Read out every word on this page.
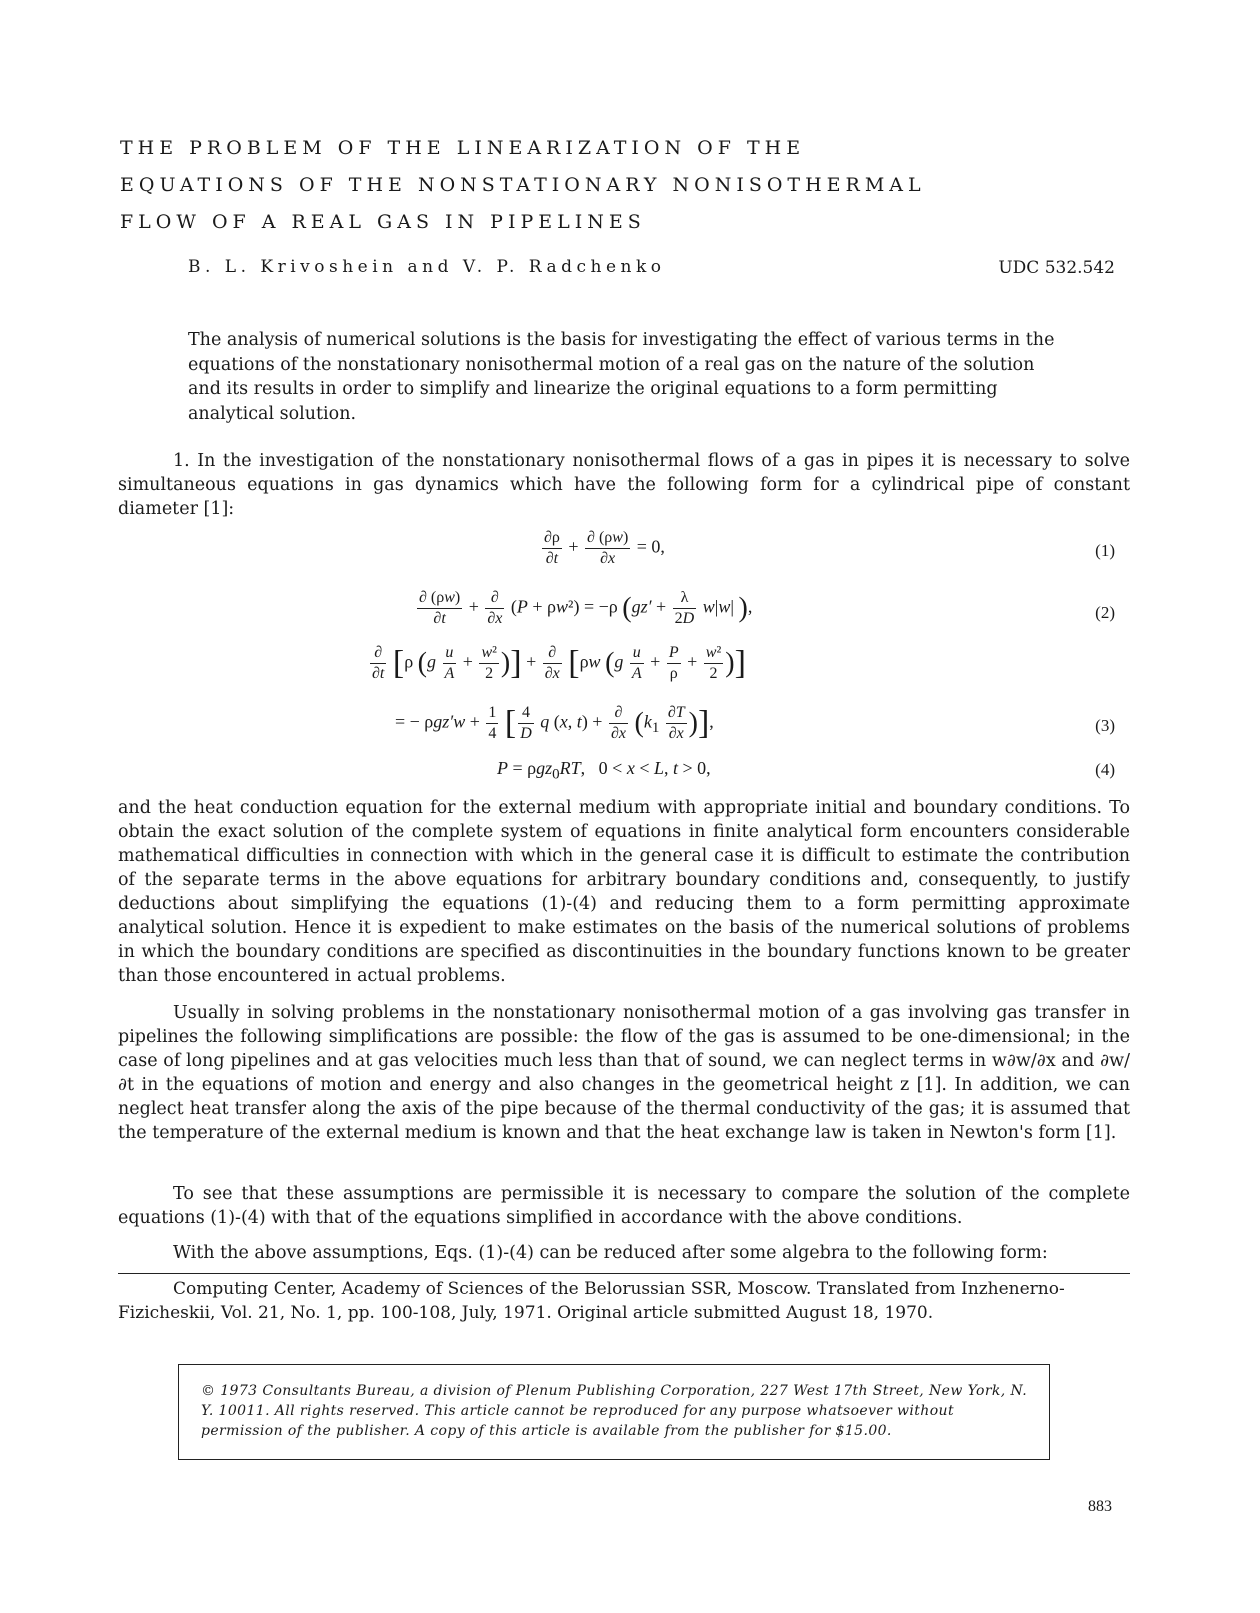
THE PROBLEM OF THE LINEARIZATION OF THE
EQUATIONS OF THE NONSTATIONARY NONISOTHERMAL
FLOW OF A REAL GAS IN PIPELINES
B. L. Krivoshein and V. P. Radchenko	UDC 532.542
The analysis of numerical solutions is the basis for investigating the effect of various terms in the equations of the nonstationary nonisothermal motion of a real gas on the nature of the solution and its results in order to simplify and linearize the original equations to a form permitting analytical solution.
1. In the investigation of the nonstationary nonisothermal flows of a gas in pipes it is necessary to solve simultaneous equations in gas dynamics which have the following form for a cylindrical pipe of constant diameter [1]:
$\frac{\partial\rho}{\partial t} + \frac{\partial (\rho w)}{\partial x} = 0$,	(1)
$\frac{\partial (\rho w)}{\partial t} + \frac{\partial}{\partial x} (P + \rho w^2) = -\rho$ ($gz' + \frac{\lambda}{2D} w|w|$ ),	(2)
$\frac{\partial}{\partial t} [\rho$ ($g \frac{u}{A} + \frac{\text{w²}}{2}$ )] + $\frac{\partial}{\partial x} [\rho w$ ($g \frac{u}{A} + \frac{P}{\rho} + \frac{\text{w²}}{2}$ )]
= − $\rho gz'w + \frac{1}{4}$ [ $\frac{4}{D}$ q (x, $t) + \frac{\partial}{\partial x} (k_1 \frac{\partial T}{\partial x}$ )],	(3)
P = ρgz$_0$RT,   0 < x < L, t > 0,	(4)
and the heat conduction equation for the external medium with appropriate initial and boundary conditions. To obtain the exact solution of the complete system of equations in finite analytical form encounters considerable mathematical difficulties in connection with which in the general case it is difficult to estimate the contribution of the separate terms in the above equations for arbitrary boundary conditions and, consequently, to justify deductions about simplifying the equations (1)-(4) and reducing them to a form permitting approximate analytical solution. Hence it is expedient to make estimates on the basis of the numerical solutions of problems in which the boundary conditions are specified as discontinuities in the boundary functions known to be greater than those encountered in actual problems.
Usually in solving problems in the nonstationary nonisothermal motion of a gas involving gas transfer in pipelines the following simplifications are possible: the flow of the gas is assumed to be one-dimensional; in the case of long pipelines and at gas velocities much less than that of sound, we can neglect terms in w∂w/∂x and ∂w/∂t in the equations of motion and energy and also changes in the geometrical height z [1]. In addition, we can neglect heat transfer along the axis of the pipe because of the thermal conductivity of the gas; it is assumed that the temperature of the external medium is known and that the heat exchange law is taken in Newton's form [1].
To see that these assumptions are permissible it is necessary to compare the solution of the complete equations (1)-(4) with that of the equations simplified in accordance with the above conditions.
With the above assumptions, Eqs. (1)-(4) can be reduced after some algebra to the following form:
Computing Center, Academy of Sciences of the Belorussian SSR, Moscow. Translated from Inzhenerno-Fizicheskii, Vol. 21, No. 1, pp. 100-108, July, 1971. Original article submitted August 18, 1970.
© 1973 Consultants Bureau, a division of Plenum Publishing Corporation, 227 West 17th Street, New York, N. Y. 10011. All rights reserved. This article cannot be reproduced for any purpose whatsoever without permission of the publisher. A copy of this article is available from the publisher for $15.00.
883
